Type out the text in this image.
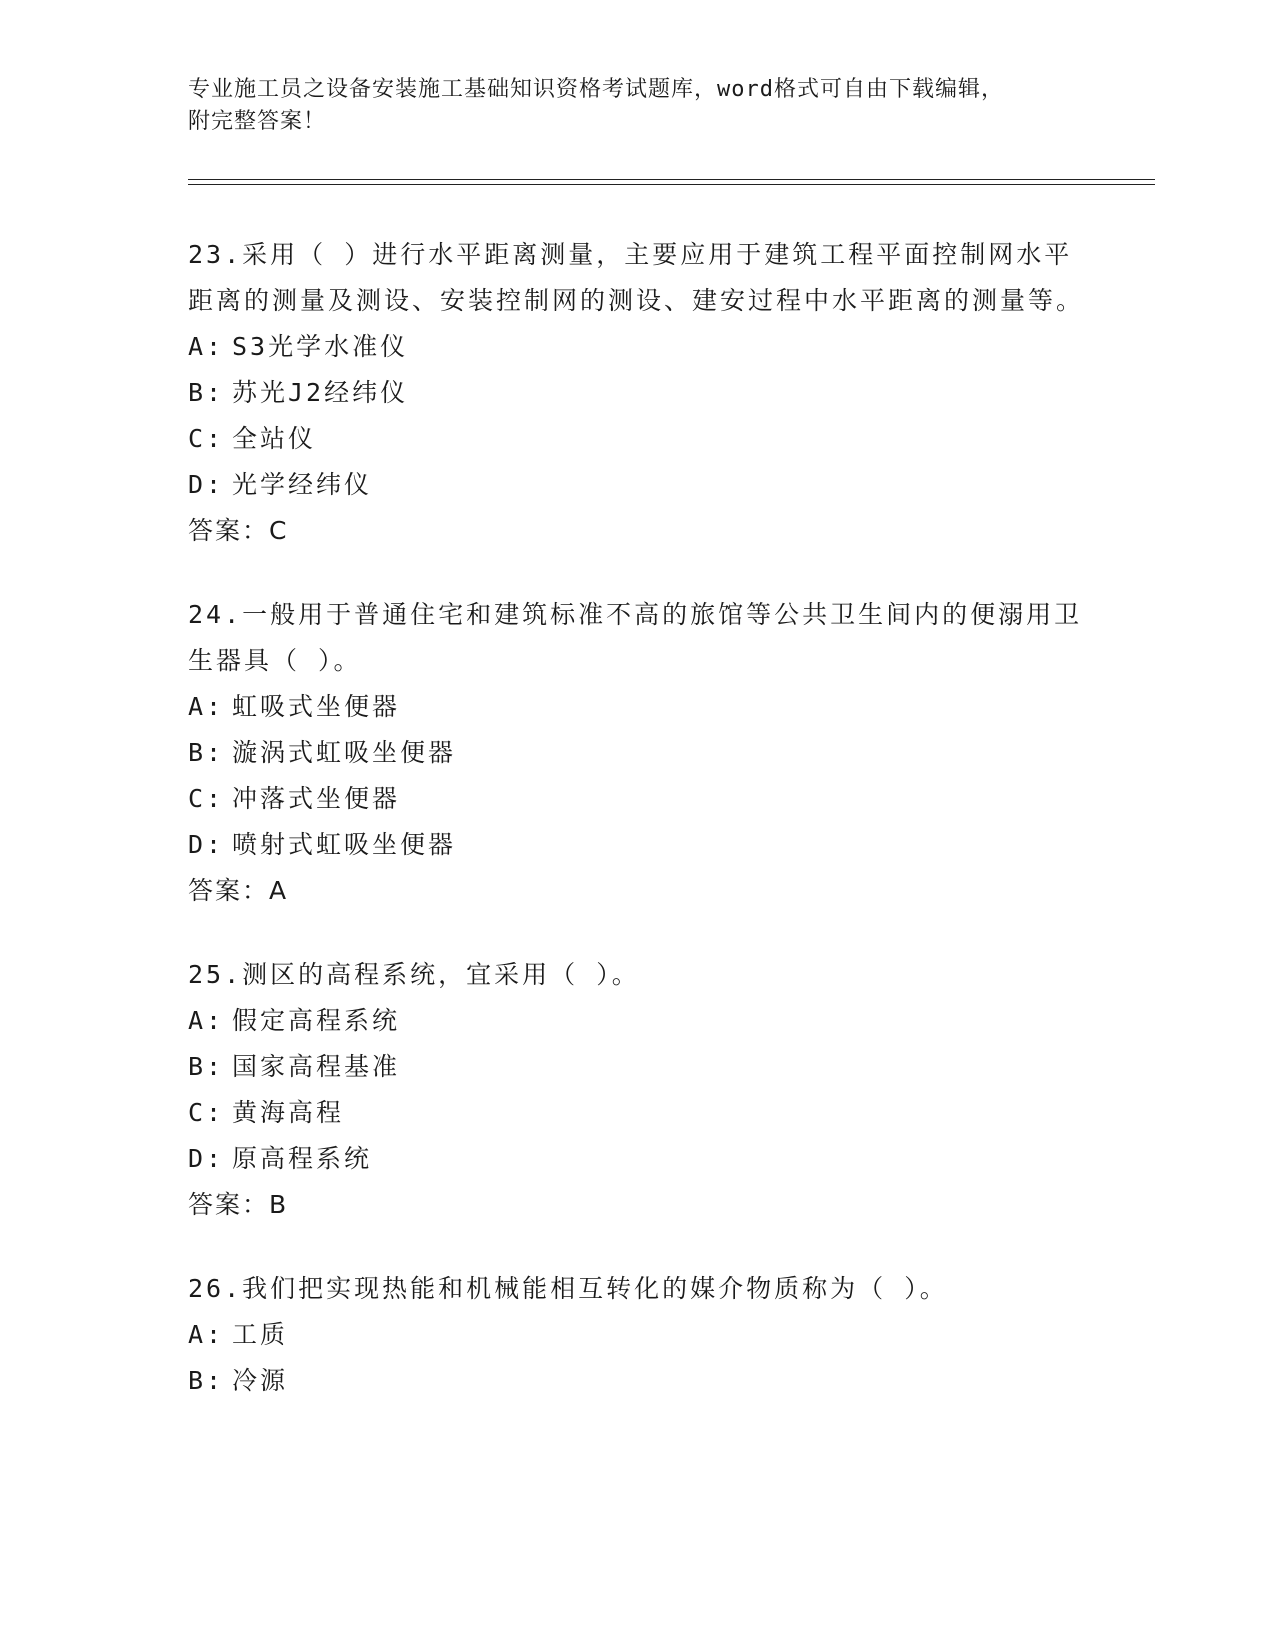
专业施工员之设备安装施工基础知识资格考试题库，word格式可自由下载编辑，
附完整答案！

23.采用（ ）进行水平距离测量，主要应用于建筑工程平面控制网水平距离的测量及测设、安装控制网的测设、建安过程中水平距离的测量等。

A: S3光学水准仪

B: 苏光J2经纬仪

C: 全站仪

D: 光学经纬仪

答案：C

24.一般用于普通住宅和建筑标准不高的旅馆等公共卫生间内的便溺用卫生器具（ ）。

A: 虹吸式坐便器

B: 漩涡式虹吸坐便器

C: 冲落式坐便器

D: 喷射式虹吸坐便器

答案：A

25.测区的高程系统，宜采用（ ）。

A: 假定高程系统

B: 国家高程基准

C: 黄海高程

D: 原高程系统

答案：B

26.我们把实现热能和机械能相互转化的媒介物质称为（ ）。

A: 工质

B: 冷源
